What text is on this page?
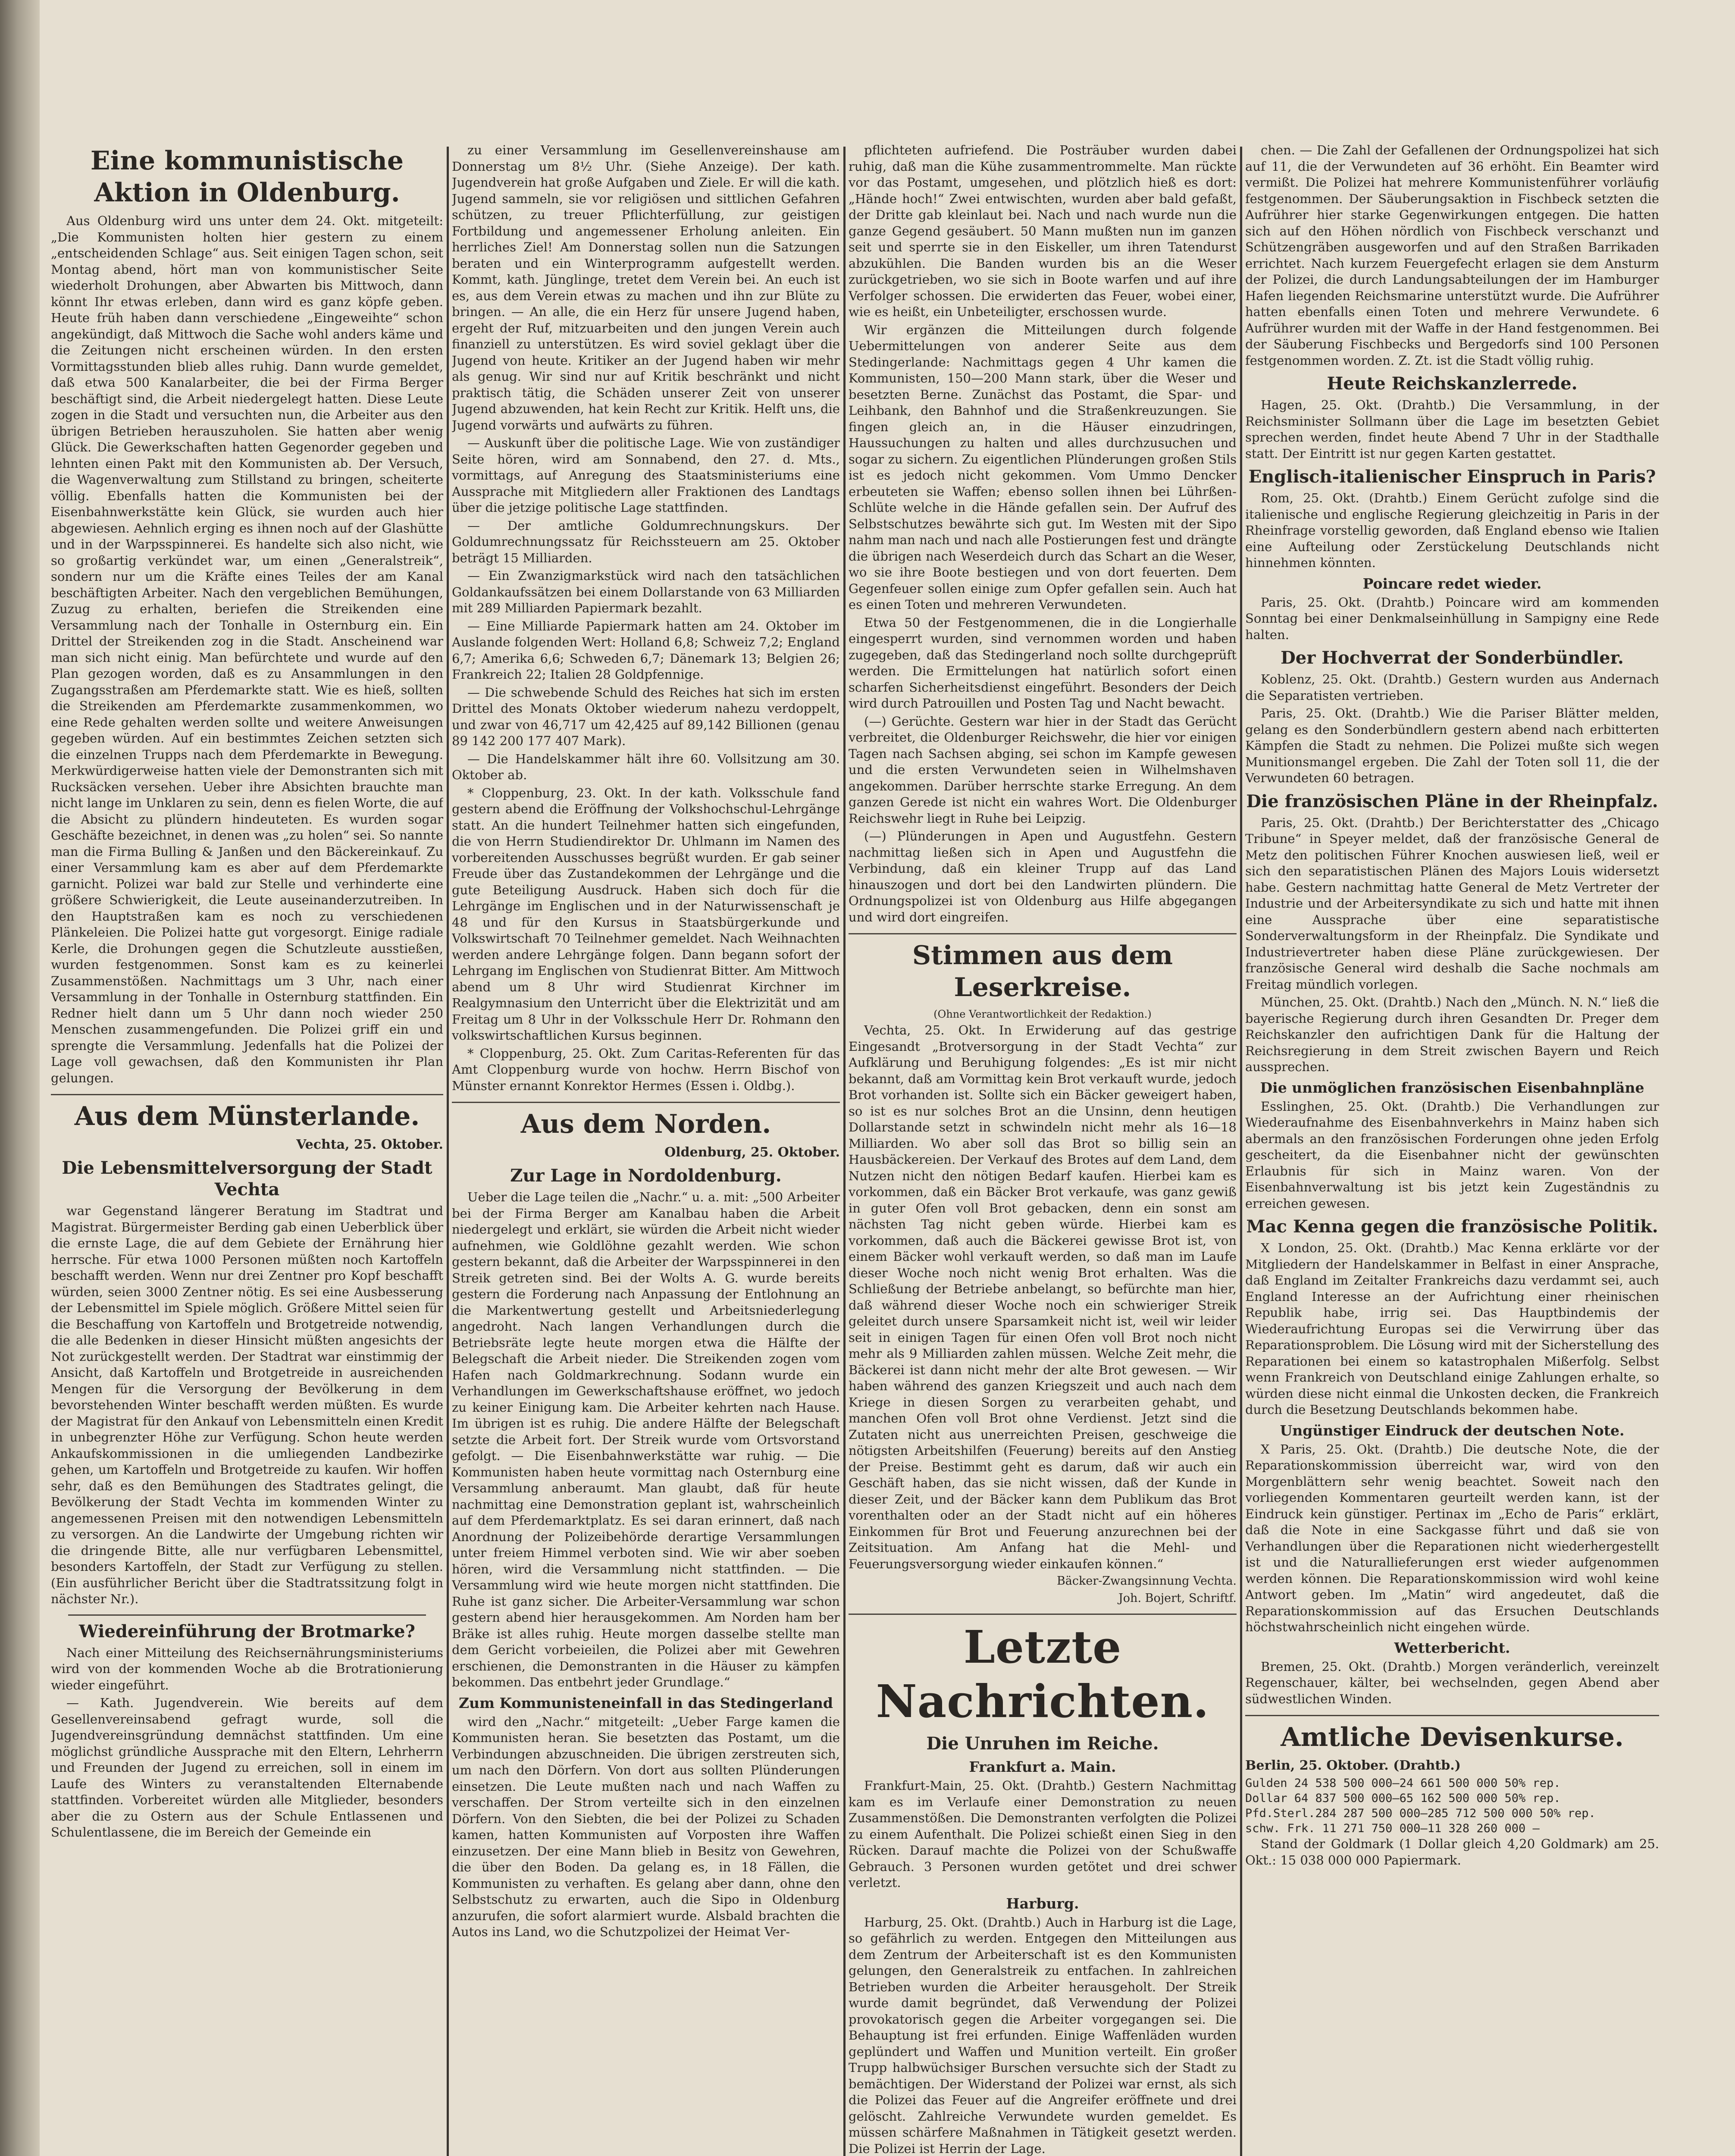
Eine kommunistische Aktion in Oldenburg.

Aus Oldenburg wird uns unter dem 24. Okt. mitgeteilt: „Die Kommunisten holten hier gestern zu einem „entscheidenden Schlage“ aus. Seit einigen Tagen schon, seit Montag abend, hört man von kommunistischer Seite wiederholt Drohungen, aber Abwarten bis Mittwoch, dann könnt Ihr etwas erleben, dann wird es ganz köpfe geben. Heute früh haben dann verschiedene „Eingeweihte“ schon angekündigt, daß Mittwoch die Sache wohl anders käme und die Zeitungen nicht erscheinen würden. In den ersten Vormittagsstunden blieb alles ruhig. Dann wurde gemeldet, daß etwa 500 Kanalarbeiter, die bei der Firma Berger beschäftigt sind, die Arbeit niedergelegt hatten. Diese Leute zogen in die Stadt und versuchten nun, die Arbeiter aus den übrigen Betrieben herauszuholen. Sie hatten aber wenig Glück. Die Gewerkschaften hatten Gegenorder gegeben und lehnten einen Pakt mit den Kommunisten ab. Der Versuch, die Wagenverwaltung zum Stillstand zu bringen, scheiterte völlig. Ebenfalls hatten die Kommunisten bei der Eisenbahnwerkstätte kein Glück, sie wurden auch hier abgewiesen. Aehnlich erging es ihnen noch auf der Glashütte und in der Warpsspinnerei. Es handelte sich also nicht, wie so großartig verkündet war, um einen „Generalstreik“, sondern nur um die Kräfte eines Teiles der am Kanal beschäftigten Arbeiter. Nach den vergeblichen Bemühungen, Zuzug zu erhalten, beriefen die Streikenden eine Versammlung nach der Tonhalle in Osternburg ein. Ein Drittel der Streikenden zog in die Stadt. Anscheinend war man sich nicht einig. Man befürchtete und wurde auf den Plan gezogen worden, daß es zu Ansammlungen in den Zugangsstraßen am Pferdemarkte statt. Wie es hieß, sollten die Streikenden am Pferdemarkte zusammenkommen, wo eine Rede gehalten werden sollte und weitere Anweisungen gegeben würden. Auf ein bestimmtes Zeichen setzten sich die einzelnen Trupps nach dem Pferdemarkte in Bewegung. Merkwürdigerweise hatten viele der Demonstranten sich mit Rucksäcken versehen. Ueber ihre Absichten brauchte man nicht lange im Unklaren zu sein, denn es fielen Worte, die auf die Absicht zu plündern hindeuteten. Es wurden sogar Geschäfte bezeichnet, in denen was „zu holen“ sei. So nannte man die Firma Bulling & Janßen und den Bäckereinkauf. Zu einer Versammlung kam es aber auf dem Pferdemarkte garnicht. Polizei war bald zur Stelle und verhinderte eine größere Schwierigkeit, die Leute auseinanderzutreiben. In den Hauptstraßen kam es noch zu verschiedenen Plänkeleien. Die Polizei hatte gut vorgesorgt. Einige radiale Kerle, die Drohungen gegen die Schutzleute ausstießen, wurden festgenommen. Sonst kam es zu keinerlei Zusammenstößen. Nachmittags um 3 Uhr, nach einer Versammlung in der Tonhalle in Osternburg stattfinden. Ein Redner hielt dann um 5 Uhr dann noch wieder 250 Menschen zusammengefunden. Die Polizei griff ein und sprengte die Versammlung. Jedenfalls hat die Polizei der Lage voll gewachsen, daß den Kommunisten ihr Plan gelungen.

Aus dem Münsterlande.
Vechta, 25. Oktober.
Die Lebensmittelversorgung der Stadt Vechta

war Gegenstand längerer Beratung im Stadtrat und Magistrat. Bürgermeister Berding gab einen Ueberblick über die ernste Lage, die auf dem Gebiete der Ernährung hier herrsche. Für etwa 1000 Personen müßten noch Kartoffeln beschafft werden. Wenn nur drei Zentner pro Kopf beschafft würden, seien 3000 Zentner nötig. Es sei eine Ausbesserung der Lebensmittel im Spiele möglich. Größere Mittel seien für die Beschaffung von Kartoffeln und Brotgetreide notwendig, die alle Bedenken in dieser Hinsicht müßten angesichts der Not zurückgestellt werden. Der Stadtrat war einstimmig der Ansicht, daß Kartoffeln und Brotgetreide in ausreichenden Mengen für die Versorgung der Bevölkerung in dem bevorstehenden Winter beschafft werden müßten. Es wurde der Magistrat für den Ankauf von Lebensmitteln einen Kredit in unbegrenzter Höhe zur Verfügung. Schon heute werden Ankaufskommissionen in die umliegenden Landbezirke gehen, um Kartoffeln und Brotgetreide zu kaufen. Wir hoffen sehr, daß es den Bemühungen des Stadtrates gelingt, die Bevölkerung der Stadt Vechta im kommenden Winter zu angemessenen Preisen mit den notwendigen Lebensmitteln zu versorgen. An die Landwirte der Umgebung richten wir die dringende Bitte, alle nur verfügbaren Lebensmittel, besonders Kartoffeln, der Stadt zur Verfügung zu stellen. (Ein ausführlicher Bericht über die Stadtratssitzung folgt in nächster Nr.).

Wiedereinführung der Brotmarke?

Nach einer Mitteilung des Reichsernährungsministeriums wird von der kommenden Woche ab die Brotrationierung wieder eingeführt.

— Kath. Jugendverein. Wie bereits auf dem Gesellenvereinsabend gefragt wurde, soll die Jugendvereinsgründung demnächst stattfinden. Um eine möglichst gründliche Aussprache mit den Eltern, Lehrherrn und Freunden der Jugend zu erreichen, soll in einem im Laufe des Winters zu veranstaltenden Elternabende stattfinden. Vorbereitet würden alle Mitglieder, besonders aber die zu Ostern aus der Schule Entlassenen und Schulentlassene, die im Bereich der Gemeinde ein

zu einer Versammlung im Gesellenvereinshause am Donnerstag um 8½ Uhr. (Siehe Anzeige). Der kath. Jugendverein hat große Aufgaben und Ziele. Er will die kath. Jugend sammeln, sie vor religiösen und sittlichen Gefahren schützen, zu treuer Pflichterfüllung, zur geistigen Fortbildung und angemessener Erholung anleiten. Ein herrliches Ziel! Am Donnerstag sollen nun die Satzungen beraten und ein Winterprogramm aufgestellt werden. Kommt, kath. Jünglinge, tretet dem Verein bei. An euch ist es, aus dem Verein etwas zu machen und ihn zur Blüte zu bringen. — An alle, die ein Herz für unsere Jugend haben, ergeht der Ruf, mitzuarbeiten und den jungen Verein auch finanziell zu unterstützen. Es wird soviel geklagt über die Jugend von heute. Kritiker an der Jugend haben wir mehr als genug. Wir sind nur auf Kritik beschränkt und nicht praktisch tätig, die Schäden unserer Zeit von unserer Jugend abzuwenden, hat kein Recht zur Kritik. Helft uns, die Jugend vorwärts und aufwärts zu führen.

— Auskunft über die politische Lage. Wie von zuständiger Seite hören, wird am Sonnabend, den 27. d. Mts., vormittags, auf Anregung des Staatsministeriums eine Aussprache mit Mitgliedern aller Fraktionen des Landtags über die jetzige politische Lage stattfinden.

— Der amtliche Goldumrechnungskurs. Der Goldumrechnungssatz für Reichssteuern am 25. Oktober beträgt 15 Milliarden.

— Ein Zwanzigmarkstück wird nach den tatsächlichen Goldankaufssätzen bei einem Dollarstande von 63 Milliarden mit 289 Milliarden Papiermark bezahlt.

— Eine Milliarde Papiermark hatten am 24. Oktober im Auslande folgenden Wert: Holland 6,8; Schweiz 7,2; England 6,7; Amerika 6,6; Schweden 6,7; Dänemark 13; Belgien 26; Frankreich 22; Italien 28 Goldpfennige.

— Die schwebende Schuld des Reiches hat sich im ersten Drittel des Monats Oktober wiederum nahezu verdoppelt, und zwar von 46,717 um 42,425 auf 89,142 Billionen (genau 89 142 200 177 407 Mark).

— Die Handelskammer hält ihre 60. Vollsitzung am 30. Oktober ab.

* Cloppenburg, 23. Okt. In der kath. Volksschule fand gestern abend die Eröffnung der Volkshochschul-Lehrgänge statt. An die hundert Teilnehmer hatten sich eingefunden, die von Herrn Studiendirektor Dr. Uhlmann im Namen des vorbereitenden Ausschusses begrüßt wurden. Er gab seiner Freude über das Zustandekommen der Lehrgänge und die gute Beteiligung Ausdruck. Haben sich doch für die Lehrgänge im Englischen und in der Naturwissenschaft je 48 und für den Kursus in Staatsbürgerkunde und Volkswirtschaft 70 Teilnehmer gemeldet. Nach Weihnachten werden andere Lehrgänge folgen. Dann begann sofort der Lehrgang im Englischen von Studienrat Bitter. Am Mittwoch abend um 8 Uhr wird Studienrat Kirchner im Realgymnasium den Unterricht über die Elektrizität und am Freitag um 8 Uhr in der Volksschule Herr Dr. Rohmann den volkswirtschaftlichen Kursus beginnen.

* Cloppenburg, 25. Okt. Zum Caritas-Referenten für das Amt Cloppenburg wurde von hochw. Herrn Bischof von Münster ernannt Konrektor Hermes (Essen i. Oldbg.).

Aus dem Norden.
Oldenburg, 25. Oktober.
Zur Lage in Nordoldenburg.

Ueber die Lage teilen die „Nachr.“ u. a. mit: „500 Arbeiter bei der Firma Berger am Kanalbau haben die Arbeit niedergelegt und erklärt, sie würden die Arbeit nicht wieder aufnehmen, wie Goldlöhne gezahlt werden. Wie schon gestern bekannt, daß die Arbeiter der Warpsspinnerei in den Streik getreten sind. Bei der Wolts A. G. wurde bereits gestern die Forderung nach Anpassung der Entlohnung an die Markentwertung gestellt und Arbeitsniederlegung angedroht. Nach langen Verhandlungen durch die Betriebsräte legte heute morgen etwa die Hälfte der Belegschaft die Arbeit nieder. Die Streikenden zogen vom Hafen nach Goldmarkrechnung. Sodann wurde ein Verhandlungen im Gewerkschaftshause eröffnet, wo jedoch zu keiner Einigung kam. Die Arbeiter kehrten nach Hause. Im übrigen ist es ruhig. Die andere Hälfte der Belegschaft setzte die Arbeit fort. Der Streik wurde vom Ortsvorstand gefolgt. — Die Eisenbahnwerkstätte war ruhig. — Die Kommunisten haben heute vormittag nach Osternburg eine Versammlung anberaumt. Man glaubt, daß für heute nachmittag eine Demonstration geplant ist, wahrscheinlich auf dem Pferdemarktplatz. Es sei daran erinnert, daß nach Anordnung der Polizeibehörde derartige Versammlungen unter freiem Himmel verboten sind. Wie wir aber soeben hören, wird die Versammlung nicht stattfinden. — Die Versammlung wird wie heute morgen nicht stattfinden. Die Ruhe ist ganz sicher. Die Arbeiter-Versammlung war schon gestern abend hier herausgekommen. Am Norden ham ber Bräke ist alles ruhig. Heute morgen dasselbe stellte man dem Gericht vorbeieilen, die Polizei aber mit Gewehren erschienen, die Demonstranten in die Häuser zu kämpfen bekommen. Das entbehrt jeder Grundlage.“

Zum Kommunisteneinfall in das Stedingerland

wird den „Nachr.“ mitgeteilt: „Ueber Farge kamen die Kommunisten heran. Sie besetzten das Postamt, um die Verbindungen abzuschneiden. Die übrigen zerstreuten sich, um nach den Dörfern. Von dort aus sollten Plünderungen einsetzen. Die Leute mußten nach und nach Waffen zu verschaffen. Der Strom verteilte sich in den einzelnen Dörfern. Von den Siebten, die bei der Polizei zu Schaden kamen, hatten Kommunisten auf Vorposten ihre Waffen einzusetzen. Der eine Mann blieb in Besitz von Gewehren, die über den Boden. Da gelang es, in 18 Fällen, die Kommunisten zu verhaften. Es gelang aber dann, ohne den Selbstschutz zu erwarten, auch die Sipo in Oldenburg anzurufen, die sofort alarmiert wurde. Alsbald brachten die Autos ins Land, wo die Schutzpolizei der Heimat Ver-

pflichteten aufriefend. Die Posträuber wurden dabei ruhig, daß man die Kühe zusammentrommelte. Man rückte vor das Postamt, umgesehen, und plötzlich hieß es dort: „Hände hoch!“ Zwei entwischten, wurden aber bald gefaßt, der Dritte gab kleinlaut bei. Nach und nach wurde nun die ganze Gegend gesäubert. 50 Mann mußten nun im ganzen seit und sperrte sie in den Eiskeller, um ihren Tatendurst abzukühlen. Die Banden wurden bis an die Weser zurückgetrieben, wo sie sich in Boote warfen und auf ihre Verfolger schossen. Die erwiderten das Feuer, wobei einer, wie es heißt, ein Unbeteiligter, erschossen wurde.

Wir ergänzen die Mitteilungen durch folgende Uebermittelungen von anderer Seite aus dem Stedingerlande: Nachmittags gegen 4 Uhr kamen die Kommunisten, 150—200 Mann stark, über die Weser und besetzten Berne. Zunächst das Postamt, die Spar- und Leihbank, den Bahnhof und die Straßenkreuzungen. Sie fingen gleich an, in die Häuser einzudringen, Haussuchungen zu halten und alles durchzusuchen und sogar zu sichern. Zu eigentlichen Plünderungen großen Stils ist es jedoch nicht gekommen. Vom Ummo Dencker erbeuteten sie Waffen; ebenso sollen ihnen bei Lührßen-Schlüte welche in die Hände gefallen sein. Der Aufruf des Selbstschutzes bewährte sich gut. Im Westen mit der Sipo nahm man nach und nach alle Postierungen fest und drängte die übrigen nach Weserdeich durch das Schart an die Weser, wo sie ihre Boote bestiegen und von dort feuerten. Dem Gegenfeuer sollen einige zum Opfer gefallen sein. Auch hat es einen Toten und mehreren Verwundeten.

Etwa 50 der Festgenommenen, die in die Longierhalle eingesperrt wurden, sind vernommen worden und haben zugegeben, daß das Stedingerland noch sollte durchgeprüft werden. Die Ermittelungen hat natürlich sofort einen scharfen Sicherheitsdienst eingeführt. Besonders der Deich wird durch Patrouillen und Posten Tag und Nacht bewacht.

(—) Gerüchte. Gestern war hier in der Stadt das Gerücht verbreitet, die Oldenburger Reichswehr, die hier vor einigen Tagen nach Sachsen abging, sei schon im Kampfe gewesen und die ersten Verwundeten seien in Wilhelmshaven angekommen. Darüber herrschte starke Erregung. An dem ganzen Gerede ist nicht ein wahres Wort. Die Oldenburger Reichswehr liegt in Ruhe bei Leipzig.

(—) Plünderungen in Apen und Augustfehn. Gestern nachmittag ließen sich in Apen und Augustfehn die Verbindung, daß ein kleiner Trupp auf das Land hinauszogen und dort bei den Landwirten plündern. Die Ordnungspolizei ist von Oldenburg aus Hilfe abgegangen und wird dort eingreifen.

Stimmen aus dem Leserkreise.
(Ohne Verantwortlichkeit der Redaktion.)

Vechta, 25. Okt. In Erwiderung auf das gestrige Eingesandt „Brotversorgung in der Stadt Vechta“ zur Aufklärung und Beruhigung folgendes: „Es ist mir nicht bekannt, daß am Vormittag kein Brot verkauft wurde, jedoch Brot vorhanden ist. Sollte sich ein Bäcker geweigert haben, so ist es nur solches Brot an die Unsinn, denn heutigen Dollarstande setzt in schwindeln nicht mehr als 16—18 Milliarden. Wo aber soll das Brot so billig sein an Hausbäckereien. Der Verkauf des Brotes auf dem Land, dem Nutzen nicht den nötigen Bedarf kaufen. Hierbei kam es vorkommen, daß ein Bäcker Brot verkaufe, was ganz gewiß in guter Ofen voll Brot gebacken, denn ein sonst am nächsten Tag nicht geben würde. Hierbei kam es vorkommen, daß auch die Bäckerei gewisse Brot ist, von einem Bäcker wohl verkauft werden, so daß man im Laufe dieser Woche noch nicht wenig Brot erhalten. Was die Schließung der Betriebe anbelangt, so befürchte man hier, daß während dieser Woche noch ein schwieriger Streik geleitet durch unsere Sparsamkeit nicht ist, weil wir leider seit in einigen Tagen für einen Ofen voll Brot noch nicht mehr als 9 Milliarden zahlen müssen. Welche Zeit mehr, die Bäckerei ist dann nicht mehr der alte Brot gewesen. — Wir haben während des ganzen Kriegszeit und auch nach dem Kriege in diesen Sorgen zu verarbeiten gehabt, und manchen Ofen voll Brot ohne Verdienst. Jetzt sind die Zutaten nicht aus unerreichten Preisen, geschweige die nötigsten Arbeitshilfen (Feuerung) bereits auf den Anstieg der Preise. Bestimmt geht es darum, daß wir auch ein Geschäft haben, das sie nicht wissen, daß der Kunde in dieser Zeit, und der Bäcker kann dem Publikum das Brot vorenthalten oder an der Stadt nicht auf ein höheres Einkommen für Brot und Feuerung anzurechnen bei der Zeitsituation. Am Anfang hat die Mehl- und Feuerungsversorgung wieder einkaufen können.“

Bäcker-Zwangsinnung Vechta.
Joh. Bojert, Schriftf.
Letzte Nachrichten.
Die Unruhen im Reiche.
Frankfurt a. Main.

Frankfurt-Main, 25. Okt. (Drahtb.) Gestern Nachmittag kam es im Verlaufe einer Demonstration zu neuen Zusammenstößen. Die Demonstranten verfolgten die Polizei zu einem Aufenthalt. Die Polizei schießt einen Sieg in den Rücken. Darauf machte die Polizei von der Schußwaffe Gebrauch. 3 Personen wurden getötet und drei schwer verletzt.

Harburg.

Harburg, 25. Okt. (Drahtb.) Auch in Harburg ist die Lage, so gefährlich zu werden. Entgegen den Mitteilungen aus dem Zentrum der Arbeiterschaft ist es den Kommunisten gelungen, den Generalstreik zu entfachen. In zahlreichen Betrieben wurden die Arbeiter herausgeholt. Der Streik wurde damit begründet, daß Verwendung der Polizei provokatorisch gegen die Arbeiter vorgegangen sei. Die Behauptung ist frei erfunden. Einige Waffenläden wurden geplündert und Waffen und Munition verteilt. Ein großer Trupp halbwüchsiger Burschen versuchte sich der Stadt zu bemächtigen. Der Widerstand der Polizei war ernst, als sich die Polizei das Feuer auf die Angreifer eröffnete und drei gelöscht. Zahlreiche Verwundete wurden gemeldet. Es müssen schärfere Maßnahmen in Tätigkeit gesetzt werden. Die Polizei ist Herrin der Lage.

chen. — Die Zahl der Gefallenen der Ordnungspolizei hat sich auf 11, die der Verwundeten auf 36 erhöht. Ein Beamter wird vermißt. Die Polizei hat mehrere Kommunistenführer vorläufig festgenommen. Der Säuberungsaktion in Fischbeck setzten die Aufrührer hier starke Gegenwirkungen entgegen. Die hatten sich auf den Höhen nördlich von Fischbeck verschanzt und Schützengräben ausgeworfen und auf den Straßen Barrikaden errichtet. Nach kurzem Feuergefecht erlagen sie dem Ansturm der Polizei, die durch Landungsabteilungen der im Hamburger Hafen liegenden Reichsmarine unterstützt wurde. Die Aufrührer hatten ebenfalls einen Toten und mehrere Verwundete. 6 Aufrührer wurden mit der Waffe in der Hand festgenommen. Bei der Säuberung Fischbecks und Bergedorfs sind 100 Personen festgenommen worden. Z. Zt. ist die Stadt völlig ruhig.

Heute Reichskanzlerrede.

Hagen, 25. Okt. (Drahtb.) Die Versammlung, in der Reichsminister Sollmann über die Lage im besetzten Gebiet sprechen werden, findet heute Abend 7 Uhr in der Stadthalle statt. Der Eintritt ist nur gegen Karten gestattet.

Englisch-italienischer Einspruch in Paris?

Rom, 25. Okt. (Drahtb.) Einem Gerücht zufolge sind die italienische und englische Regierung gleichzeitig in Paris in der Rheinfrage vorstellig geworden, daß England ebenso wie Italien eine Aufteilung oder Zerstückelung Deutschlands nicht hinnehmen könnten.

Poincare redet wieder.

Paris, 25. Okt. (Drahtb.) Poincare wird am kommenden Sonntag bei einer Denkmalseinhüllung in Sampigny eine Rede halten.

Der Hochverrat der Sonderbündler.

Koblenz, 25. Okt. (Drahtb.) Gestern wurden aus Andernach die Separatisten vertrieben.

Paris, 25. Okt. (Drahtb.) Wie die Pariser Blätter melden, gelang es den Sonderbündlern gestern abend nach erbitterten Kämpfen die Stadt zu nehmen. Die Polizei mußte sich wegen Munitionsmangel ergeben. Die Zahl der Toten soll 11, die der Verwundeten 60 betragen.

Die französischen Pläne in der Rheinpfalz.

Paris, 25. Okt. (Drahtb.) Der Berichterstatter des „Chicago Tribune“ in Speyer meldet, daß der französische General de Metz den politischen Führer Knochen auswiesen ließ, weil er sich den separatistischen Plänen des Majors Louis widersetzt habe. Gestern nachmittag hatte General de Metz Vertreter der Industrie und der Arbeitersyndikate zu sich und hatte mit ihnen eine Aussprache über eine separatistische Sonderverwaltungsform in der Rheinpfalz. Die Syndikate und Industrievertreter haben diese Pläne zurückgewiesen. Der französische General wird deshalb die Sache nochmals am Freitag mündlich vorlegen.

München, 25. Okt. (Drahtb.) Nach den „Münch. N. N.“ ließ die bayerische Regierung durch ihren Gesandten Dr. Preger dem Reichskanzler den aufrichtigen Dank für die Haltung der Reichsregierung in dem Streit zwischen Bayern und Reich aussprechen.

Die unmöglichen französischen Eisenbahnpläne

Esslinghen, 25. Okt. (Drahtb.) Die Verhandlungen zur Wiederaufnahme des Eisenbahnverkehrs in Mainz haben sich abermals an den französischen Forderungen ohne jeden Erfolg gescheitert, da die Eisenbahner nicht der gewünschten Erlaubnis für sich in Mainz waren. Von der Eisenbahnverwaltung ist bis jetzt kein Zugeständnis zu erreichen gewesen.

Mac Kenna gegen die französische Politik.

X London, 25. Okt. (Drahtb.) Mac Kenna erklärte vor der Mitgliedern der Handelskammer in Belfast in einer Ansprache, daß England im Zeitalter Frankreichs dazu verdammt sei, auch England Interesse an der Aufrichtung einer rheinischen Republik habe, irrig sei. Das Hauptbindemis der Wiederaufrichtung Europas sei die Verwirrung über das Reparationsproblem. Die Lösung wird mit der Sicherstellung des Reparationen bei einem so katastrophalen Mißerfolg. Selbst wenn Frankreich von Deutschland einige Zahlungen erhalte, so würden diese nicht einmal die Unkosten decken, die Frankreich durch die Besetzung Deutschlands bekommen habe.

Ungünstiger Eindruck der deutschen Note.

X Paris, 25. Okt. (Drahtb.) Die deutsche Note, die der Reparationskommission überreicht war, wird von den Morgenblättern sehr wenig beachtet. Soweit nach den vorliegenden Kommentaren geurteilt werden kann, ist der Eindruck kein günstiger. Pertinax im „Echo de Paris“ erklärt, daß die Note in eine Sackgasse führt und daß sie von Verhandlungen über die Reparationen nicht wiederhergestellt ist und die Naturallieferungen erst wieder aufgenommen werden können. Die Reparationskommission wird wohl keine Antwort geben. Im „Matin“ wird angedeutet, daß die Reparationskommission auf das Ersuchen Deutschlands höchstwahrscheinlich nicht eingehen würde.

Wetterbericht.

Bremen, 25. Okt. (Drahtb.) Morgen veränderlich, vereinzelt Regenschauer, kälter, bei wechselnden, gegen Abend aber südwestlichen Winden.

Amtliche Devisenkurse.
Berlin, 25. Oktober. (Drahtb.)
Gulden 24 538 500 000—24 661 500 000 50% rep.
Dollar 64 837 500 000—65 162 500 000 50% rep.
Pfd.Sterl.284 287 500 000—285 712 500 000 50% rep.
schw. Frk. 11 271 750 000—11 328 260 000 —

Stand der Goldmark (1 Dollar gleich 4,20 Goldmark) am 25. Okt.: 15 038 000 000 Papiermark.
